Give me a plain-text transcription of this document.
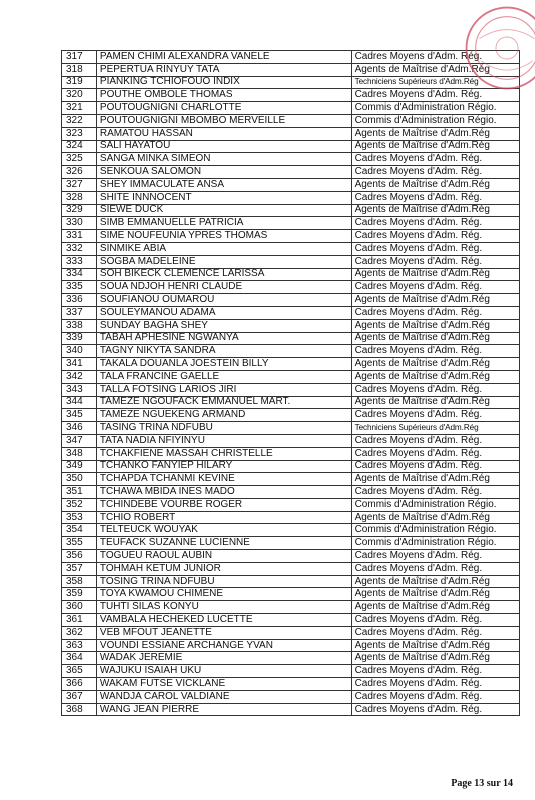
317	PAMEN CHIMI ALEXANDRA VANELE	Cadres Moyens d'Adm. Rég.
318	PEPERTUA RINYUY TATA	Agents de Maîtrise d'Adm.Rég
319	PIANKING TCHIOFOUO INDIX	Techniciens Supérieurs d'Adm.Rég
320	POUTHE OMBOLE THOMAS	Cadres Moyens d'Adm. Rég.
321	POUTOUGNIGNI CHARLOTTE	Commis d'Administration Régio.
322	POUTOUGNIGNI MBOMBO MERVEILLE	Commis d'Administration Régio.
323	RAMATOU HASSAN	Agents de Maîtrise d'Adm.Rég
324	SALI HAYATOU	Agents de Maîtrise d'Adm.Rég
325	SANGA MINKA SIMEON	Cadres Moyens d'Adm. Rég.
326	SENKOUA SALOMON	Cadres Moyens d'Adm. Rég.
327	SHEY IMMACULATE ANSA	Agents de Maîtrise d'Adm.Rég
328	SHITE INNNOCENT	Cadres Moyens d'Adm. Rég.
329	SIEWE DUCK	Agents de Maîtrise d'Adm.Rég
330	SIMB EMMANUELLE PATRICIA	Cadres Moyens d'Adm. Rég.
331	SIME NOUFEUNIA YPRES THOMAS	Cadres Moyens d'Adm. Rég.
332	SINMIKE ABIA	Cadres Moyens d'Adm. Rég.
333	SOGBA MADELEINE	Cadres Moyens d'Adm. Rég.
334	SOH BIKECK CLEMENCE LARISSA	Agents de Maîtrise d'Adm.Rég
335	SOUA NDJOH HENRI CLAUDE	Cadres Moyens d'Adm. Rég.
336	SOUFIANOU OUMAROU	Agents de Maîtrise d'Adm.Rég
337	SOULEYMANOU ADAMA	Cadres Moyens d'Adm. Rég.
338	SUNDAY BAGHA SHEY	Agents de Maîtrise d'Adm.Rég
339	TABAH APHESINE NGWANYA	Agents de Maîtrise d'Adm.Rég
340	TAGNY NIKYTA SANDRA	Cadres Moyens d'Adm. Rég.
341	TAKALA DOUANLA JOESTEIN BILLY	Agents de Maîtrise d'Adm.Rég
342	TALA FRANCINE GAELLE	Agents de Maîtrise d'Adm.Rég
343	TALLA FOTSING LARIOS JIRI	Cadres Moyens d'Adm. Rég.
344	TAMEZE NGOUFACK EMMANUEL MART.	Agents de Maîtrise d'Adm.Rég
345	TAMEZE NGUEKENG ARMAND	Cadres Moyens d'Adm. Rég.
346	TASING TRINA NDFUBU	Techniciens Supérieurs d'Adm.Rég
347	TATA NADIA NFIYINYU	Cadres Moyens d'Adm. Rég.
348	TCHAKFIENE MASSAH CHRISTELLE	Cadres Moyens d'Adm. Rég.
349	TCHANKO FANYIEP HILARY	Cadres Moyens d'Adm. Rég.
350	TCHAPDA TCHANMI KEVINE	Agents de Maîtrise d'Adm.Rég
351	TCHAWA MBIDA INES MADO	Cadres Moyens d'Adm. Rég.
352	TCHINDEBE VOURBE ROGER	Commis d'Administration Régio.
353	TCHIO ROBERT	Agents de Maîtrise d'Adm.Rég
354	TELTEUCK WOUYAK	Commis d'Administration Régio.
355	TEUFACK SUZANNE LUCIENNE	Commis d'Administration Régio.
356	TOGUEU RAOUL AUBIN	Cadres Moyens d'Adm. Rég.
357	TOHMAH KETUM JUNIOR	Cadres Moyens d'Adm. Rég.
358	TOSING TRINA NDFUBU	Agents de Maîtrise d'Adm.Rég
359	TOYA KWAMOU CHIMENE	Agents de Maîtrise d'Adm.Rég
360	TUHTI SILAS KONYU	Agents de Maîtrise d'Adm.Rég
361	VAMBALA HECHEKED LUCETTE	Cadres Moyens d'Adm. Rég.
362	VEB MFOUT JEANETTE	Cadres Moyens d'Adm. Rég.
363	VOUNDI ESSIANE ARCHANGE YVAN	Agents de Maîtrise d'Adm.Rég
364	WADAK JEREMIE	Agents de Maîtrise d'Adm.Rég
365	WAJUKU ISAIAH UKU	Cadres Moyens d'Adm. Rég.
366	WAKAM FUTSE VICKLANE	Cadres Moyens d'Adm. Rég.
367	WANDJA CAROL VALDIANE	Cadres Moyens d'Adm. Rég.
368	WANG JEAN PIERRE	Cadres Moyens d'Adm. Rég.
Page 13 sur 14
